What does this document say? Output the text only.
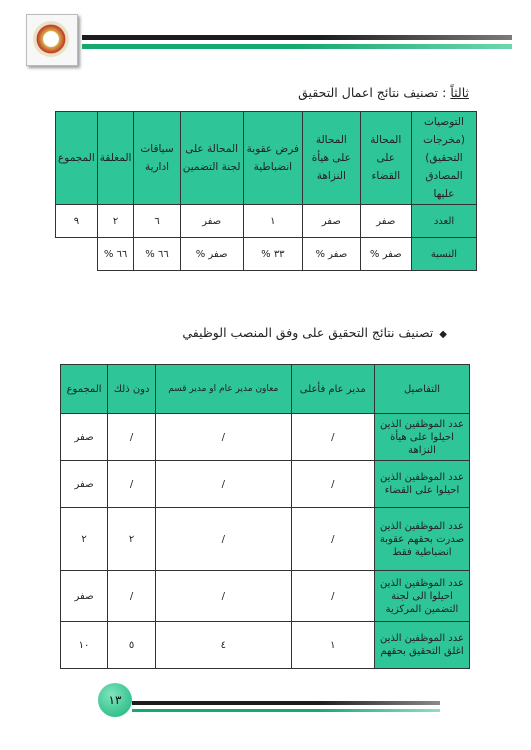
ثالثاً : تصنيف نتائج اعمال التحقيق
التوصيات (مخرجات التحقيق) المصادق عليها	المحالة على القضاء	المحالة على هيأة النزاهة	فرض عقوبة انضباطية	المحالة على لجنة التضمين	سياقات ادارية	المغلقة	المجموع
العدد	صفر	صفر	١	صفر	٦	٢	٩
النسبة	صفر %	صفر %	٣٣ %	صفر %	٦٦ %	٦٦ %	
◆تصنيف نتائج التحقيق على وفق المنصب الوظيفي
التفاصيل	مدير عام فأعلى	معاون مدير عام او مدير قسم	دون ذلك	المجموع
عدد الموظفين الذين احيلوا على هيأة النزاهة	/	/	/	صفر
عدد الموظفين الذين احيلوا على القضاء	/	/	/	صفر
عدد الموظفين الذين صدرت بحقهم عقوبة انضباطية فقط	/	/	٢	٢
عدد الموظفين الذين احيلوا الى لجنة التضمين المركزية	/	/	/	صفر
عدد الموظفين الذين اغلق التحقيق بحقهم	١	٤	٥	١٠
١٣
